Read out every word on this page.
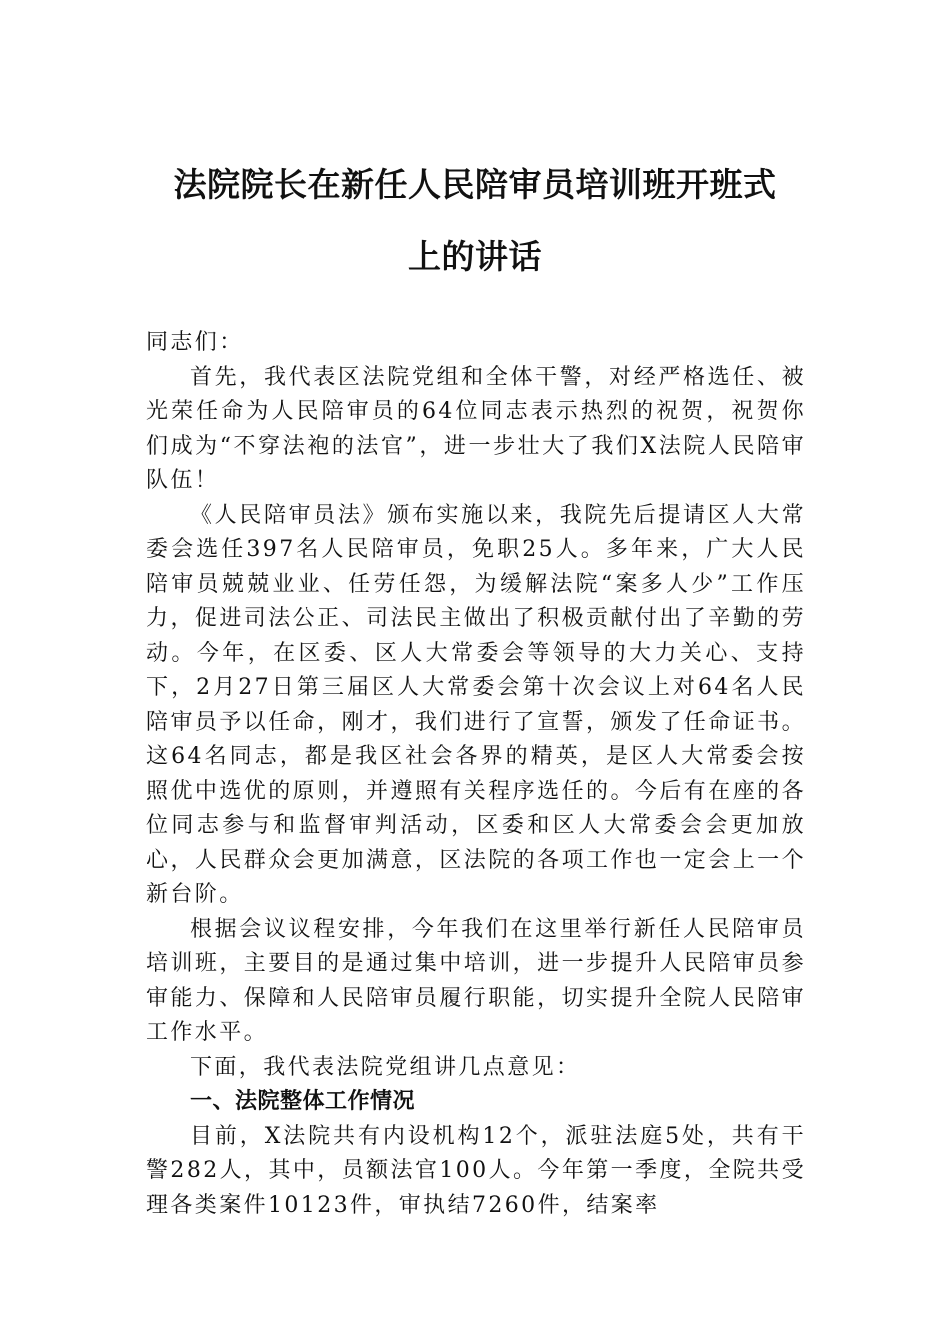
法院院长在新任人民陪审员培训班开班式
上的讲话

同志们：

首先，我代表区法院党组和全体干警，对经严格选任、被光荣任命为人民陪审员的64位同志表示热烈的祝贺，祝贺你们成为“不穿法袍的法官”，进一步壮大了我们X法院人民陪审队伍！

《人民陪审员法》颁布实施以来，我院先后提请区人大常委会选任397名人民陪审员，免职25人。多年来，广大人民陪审员兢兢业业、任劳任怨，为缓解法院“案多人少”工作压力，促进司法公正、司法民主做出了积极贡献付出了辛勤的劳动。今年，在区委、区人大常委会等领导的大力关心、支持下，2月27日第三届区人大常委会第十次会议上对64名人民陪审员予以任命，刚才，我们进行了宣誓，颁发了任命证书。这64名同志，都是我区社会各界的精英，是区人大常委会按照优中选优的原则，并遵照有关程序选任的。今后有在座的各位同志参与和监督审判活动，区委和区人大常委会会更加放心，人民群众会更加满意，区法院的各项工作也一定会上一个新台阶。

根据会议议程安排，今年我们在这里举行新任人民陪审员培训班，主要目的是通过集中培训，进一步提升人民陪审员参审能力、保障和人民陪审员履行职能，切实提升全院人民陪审工作水平。

下面，我代表法院党组讲几点意见：

一、法院整体工作情况

目前，X法院共有内设机构12个，派驻法庭5处，共有干警282人，其中，员额法官100人。今年第一季度，全院共受理各类案件10123件，审执结7260件，结案率
